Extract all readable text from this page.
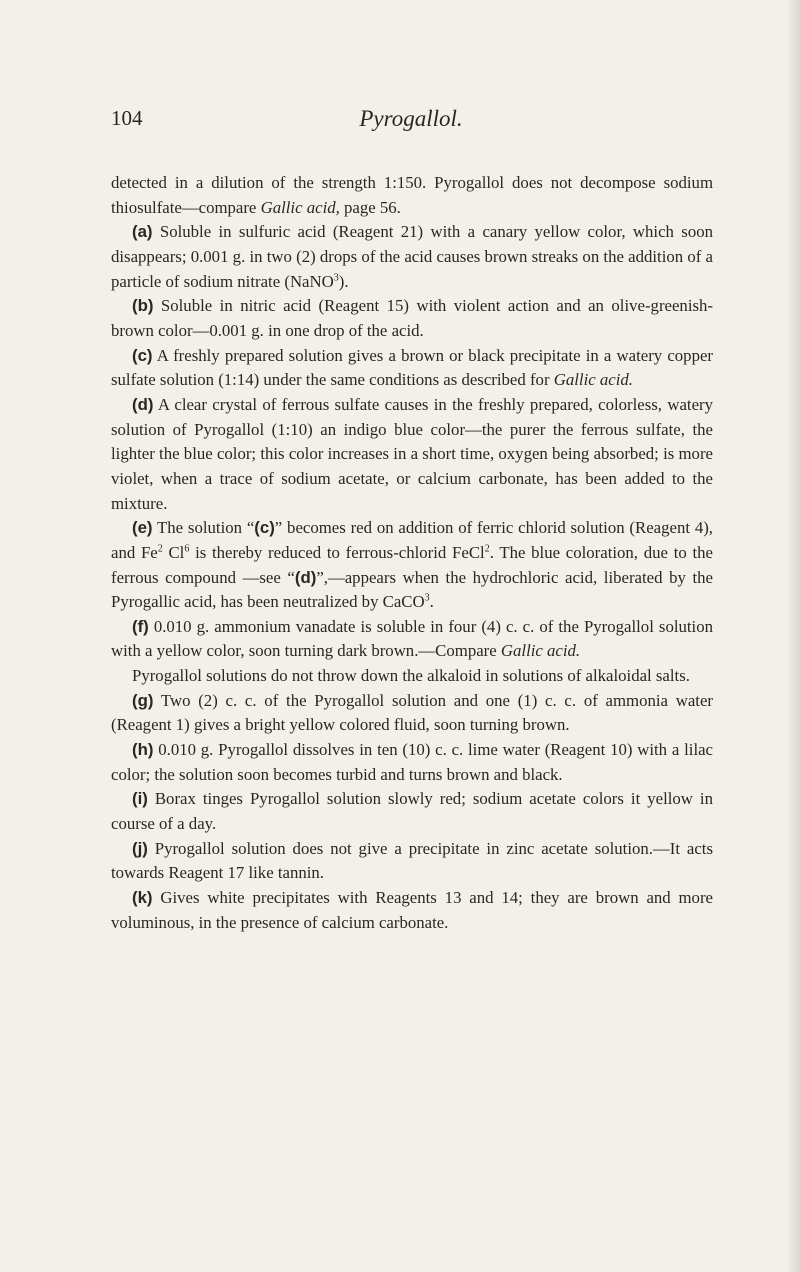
104	Pyrogallol.

detected in a dilution of the strength 1:150. Pyrogallol does not decompose sodium thiosulfate—compare Gallic acid, page 56.

(a) Soluble in sulfuric acid (Reagent 21) with a canary yellow color, which soon disappears; 0.001 g. in two (2) drops of the acid causes brown streaks on the addition of a particle of sodium nitrate (NaNO$^3$).

(b) Soluble in nitric acid (Reagent 15) with violent action and an olive-greenish-brown color—0.001 g. in one drop of the acid.

(c) A freshly prepared solution gives a brown or black precipitate in a watery copper sulfate solution (1:14) under the same conditions as described for Gallic acid.

(d) A clear crystal of ferrous sulfate causes in the freshly prepared, colorless, watery solution of Pyrogallol (1:10) an indigo blue color—the purer the ferrous sulfate, the lighter the blue color; this color increases in a short time, oxygen being absorbed; is more violet, when a trace of sodium acetate, or calcium carbonate, has been added to the mixture.

(e) The solution “(c)” becomes red on addition of ferric chlorid solution (Reagent 4), and Fe$^2$ Cl$^6$ is thereby reduced to ferrous-chlorid FeCl$^2$. The blue coloration, due to the ferrous compound —see “(d)”,—appears when the hydrochloric acid, liberated by the Pyrogallic acid, has been neutralized by CaCO$^3$.

(f) 0.010 g. ammonium vanadate is soluble in four (4) c. c. of the Pyrogallol solution with a yellow color, soon turning dark brown.—Compare Gallic acid.

Pyrogallol solutions do not throw down the alkaloid in solutions of alkaloidal salts.

(g) Two (2) c. c. of the Pyrogallol solution and one (1) c. c. of ammonia water (Reagent 1) gives a bright yellow colored fluid, soon turning brown.

(h) 0.010 g. Pyrogallol dissolves in ten (10) c. c. lime water (Reagent 10) with a lilac color; the solution soon becomes turbid and turns brown and black.

(i) Borax tinges Pyrogallol solution slowly red; sodium acetate colors it yellow in course of a day.

(j) Pyrogallol solution does not give a precipitate in zinc acetate solution.—It acts towards Reagent 17 like tannin.

(k) Gives white precipitates with Reagents 13 and 14; they are brown and more voluminous, in the presence of calcium carbonate.
